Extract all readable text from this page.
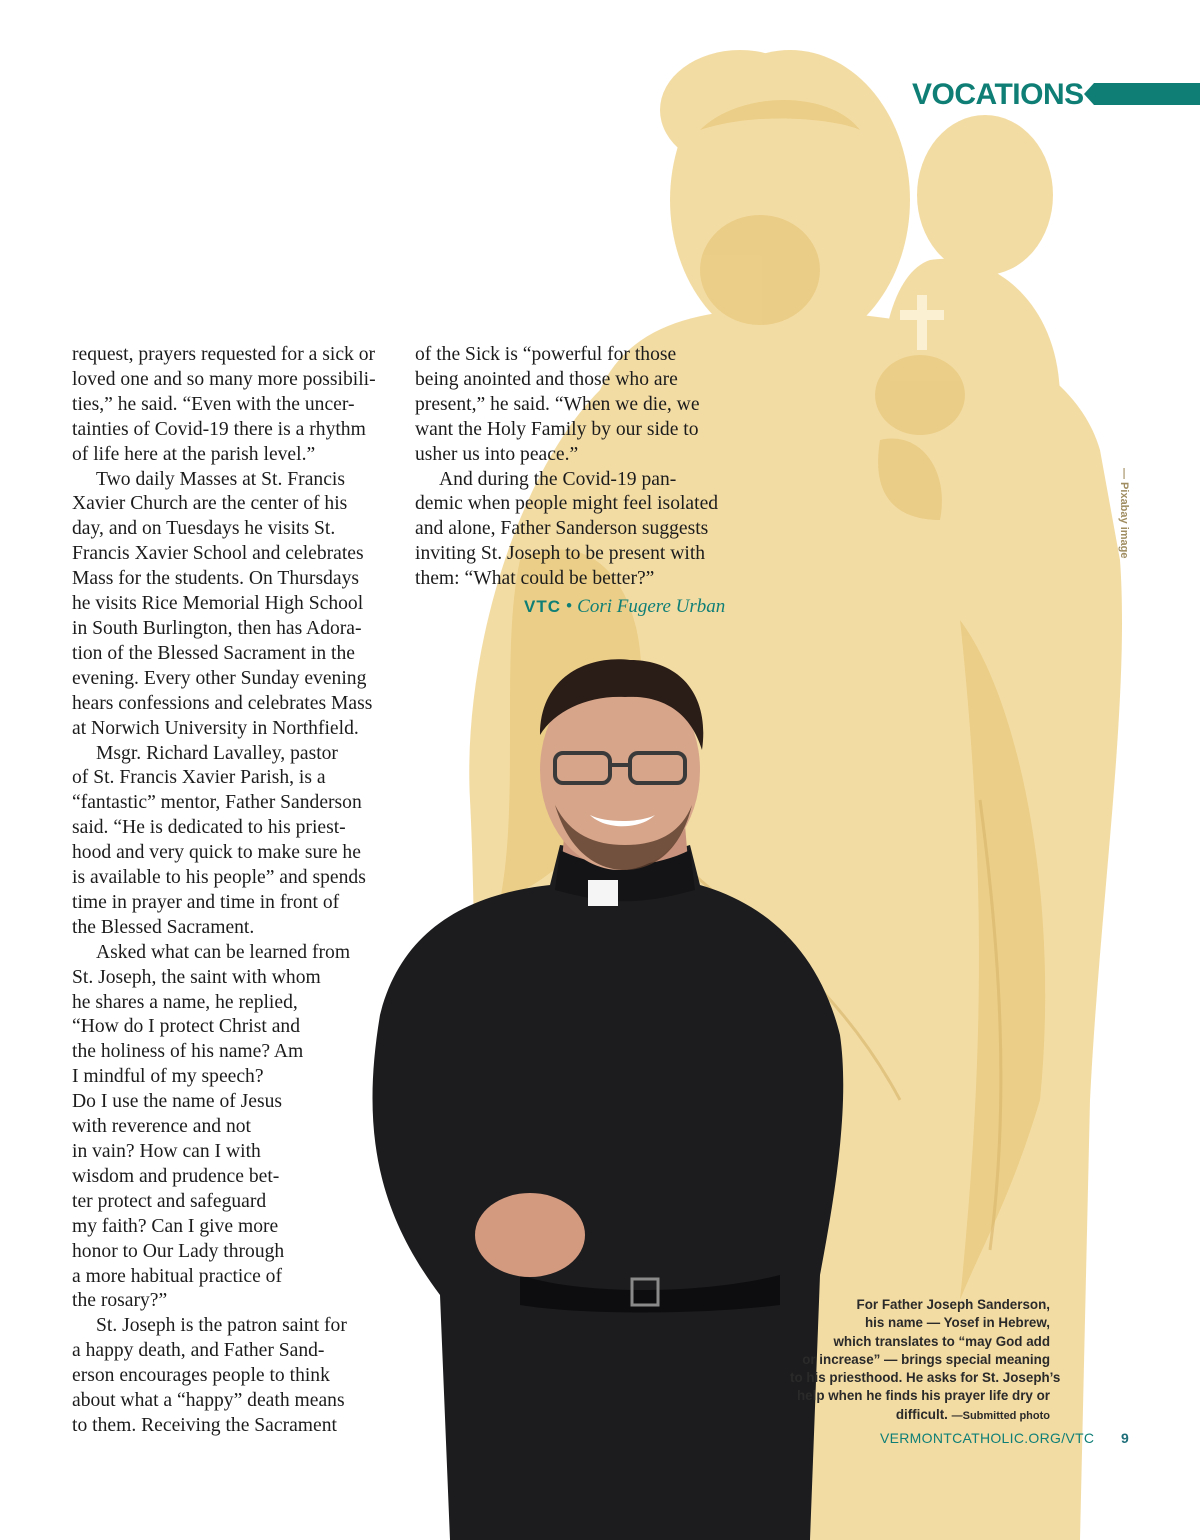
VOCATIONS
request, prayers requested for a sick or
loved one and so many more possibili-
ties,” he said. “Even with the uncer-
tainties of Covid-19 there is a rhythm
of life here at the parish level.”
Two daily Masses at St. Francis
Xavier Church are the center of his
day, and on Tuesdays he visits St.
Francis Xavier School and celebrates
Mass for the students. On Thursdays
he visits Rice Memorial High School
in South Burlington, then has Adora-
tion of the Blessed Sacrament in the
evening. Every other Sunday evening
hears confessions and celebrates Mass
at Norwich University in Northfield.
Msgr. Richard Lavalley, pastor
of St. Francis Xavier Parish, is a
“fantastic” mentor, Father Sanderson
said. “He is dedicated to his priest-
hood and very quick to make sure he
is available to his people” and spends
time in prayer and time in front of
the Blessed Sacrament.
Asked what can be learned from
St. Joseph, the saint with whom
he shares a name, he replied,
“How do I protect Christ and
the holiness of his name? Am
I mindful of my speech?
Do I use the name of Jesus
with reverence and not
in vain? How can I with
wisdom and prudence bet-
ter protect and safeguard
my faith? Can I give more
honor to Our Lady through
a more habitual practice of
the rosary?”
St. Joseph is the patron saint for
a happy death, and Father Sand-
erson encourages people to think
about what a “happy” death means
to them. Receiving the Sacrament
of the Sick is “powerful for those
being anointed and those who are
present,” he said. “When we die, we
want the Holy Family by our side to
usher us into peace.”
And during the Covid-19 pan-
demic when people might feel isolated
and alone, Father Sanderson suggests
inviting St. Joseph to be present with
them: “What could be better?”
VTC • Cori Fugere Urban
— Pixabay image
For Father Joseph Sanderson,
his name — Yosef in Hebrew,
which translates to “may God add
or increase” — brings special meaning
to his priesthood. He asks for St. Joseph’s
help when he finds his prayer life dry or
difficult. —Submitted photo
VERMONTCATHOLIC.ORG/VTC 9
